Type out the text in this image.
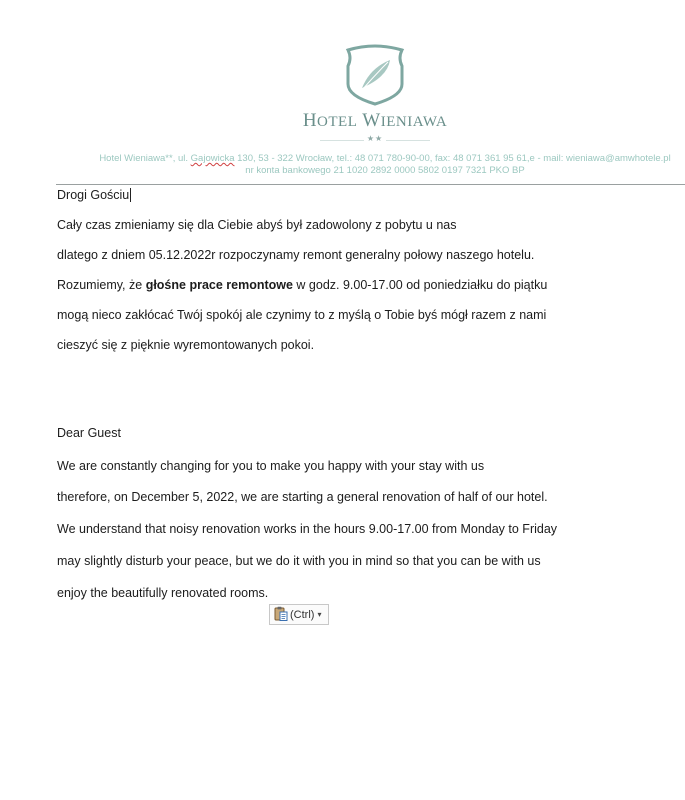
HOTEL WIENIAWA
★★
Hotel Wieniawa**, ul. Gajowicka 130, 53 - 322 Wrocław, tel.: 48 071 780-90-00, fax: 48 071 361 95 61,e - mail: wieniawa@amwhotele.pl
nr konta bankowego 21 1020 2892 0000 5802 0197 7321 PKO BP
Drogi Gościu
Cały czas zmieniamy się dla Ciebie abyś był zadowolony z pobytu u nas
dlatego z dniem 05.12.2022r rozpoczynamy remont generalny połowy naszego hotelu.
Rozumiemy, że głośne prace remontowe w godz. 9.00-17.00 od poniedziałku do piątku
mogą nieco zakłócać Twój spokój ale czynimy to z myślą o Tobie byś mógł razem z nami
cieszyć się z pięknie wyremontowanych pokoi.
Dear Guest
We are constantly changing for you to make you happy with your stay with us
therefore, on December 5, 2022, we are starting a general renovation of half of our hotel.
We understand that noisy renovation works in the hours 9.00-17.00 from Monday to Friday
may slightly disturb your peace, but we do it with you in mind so that you can be with us
enjoy the beautifully renovated rooms.
(Ctrl) ▾
